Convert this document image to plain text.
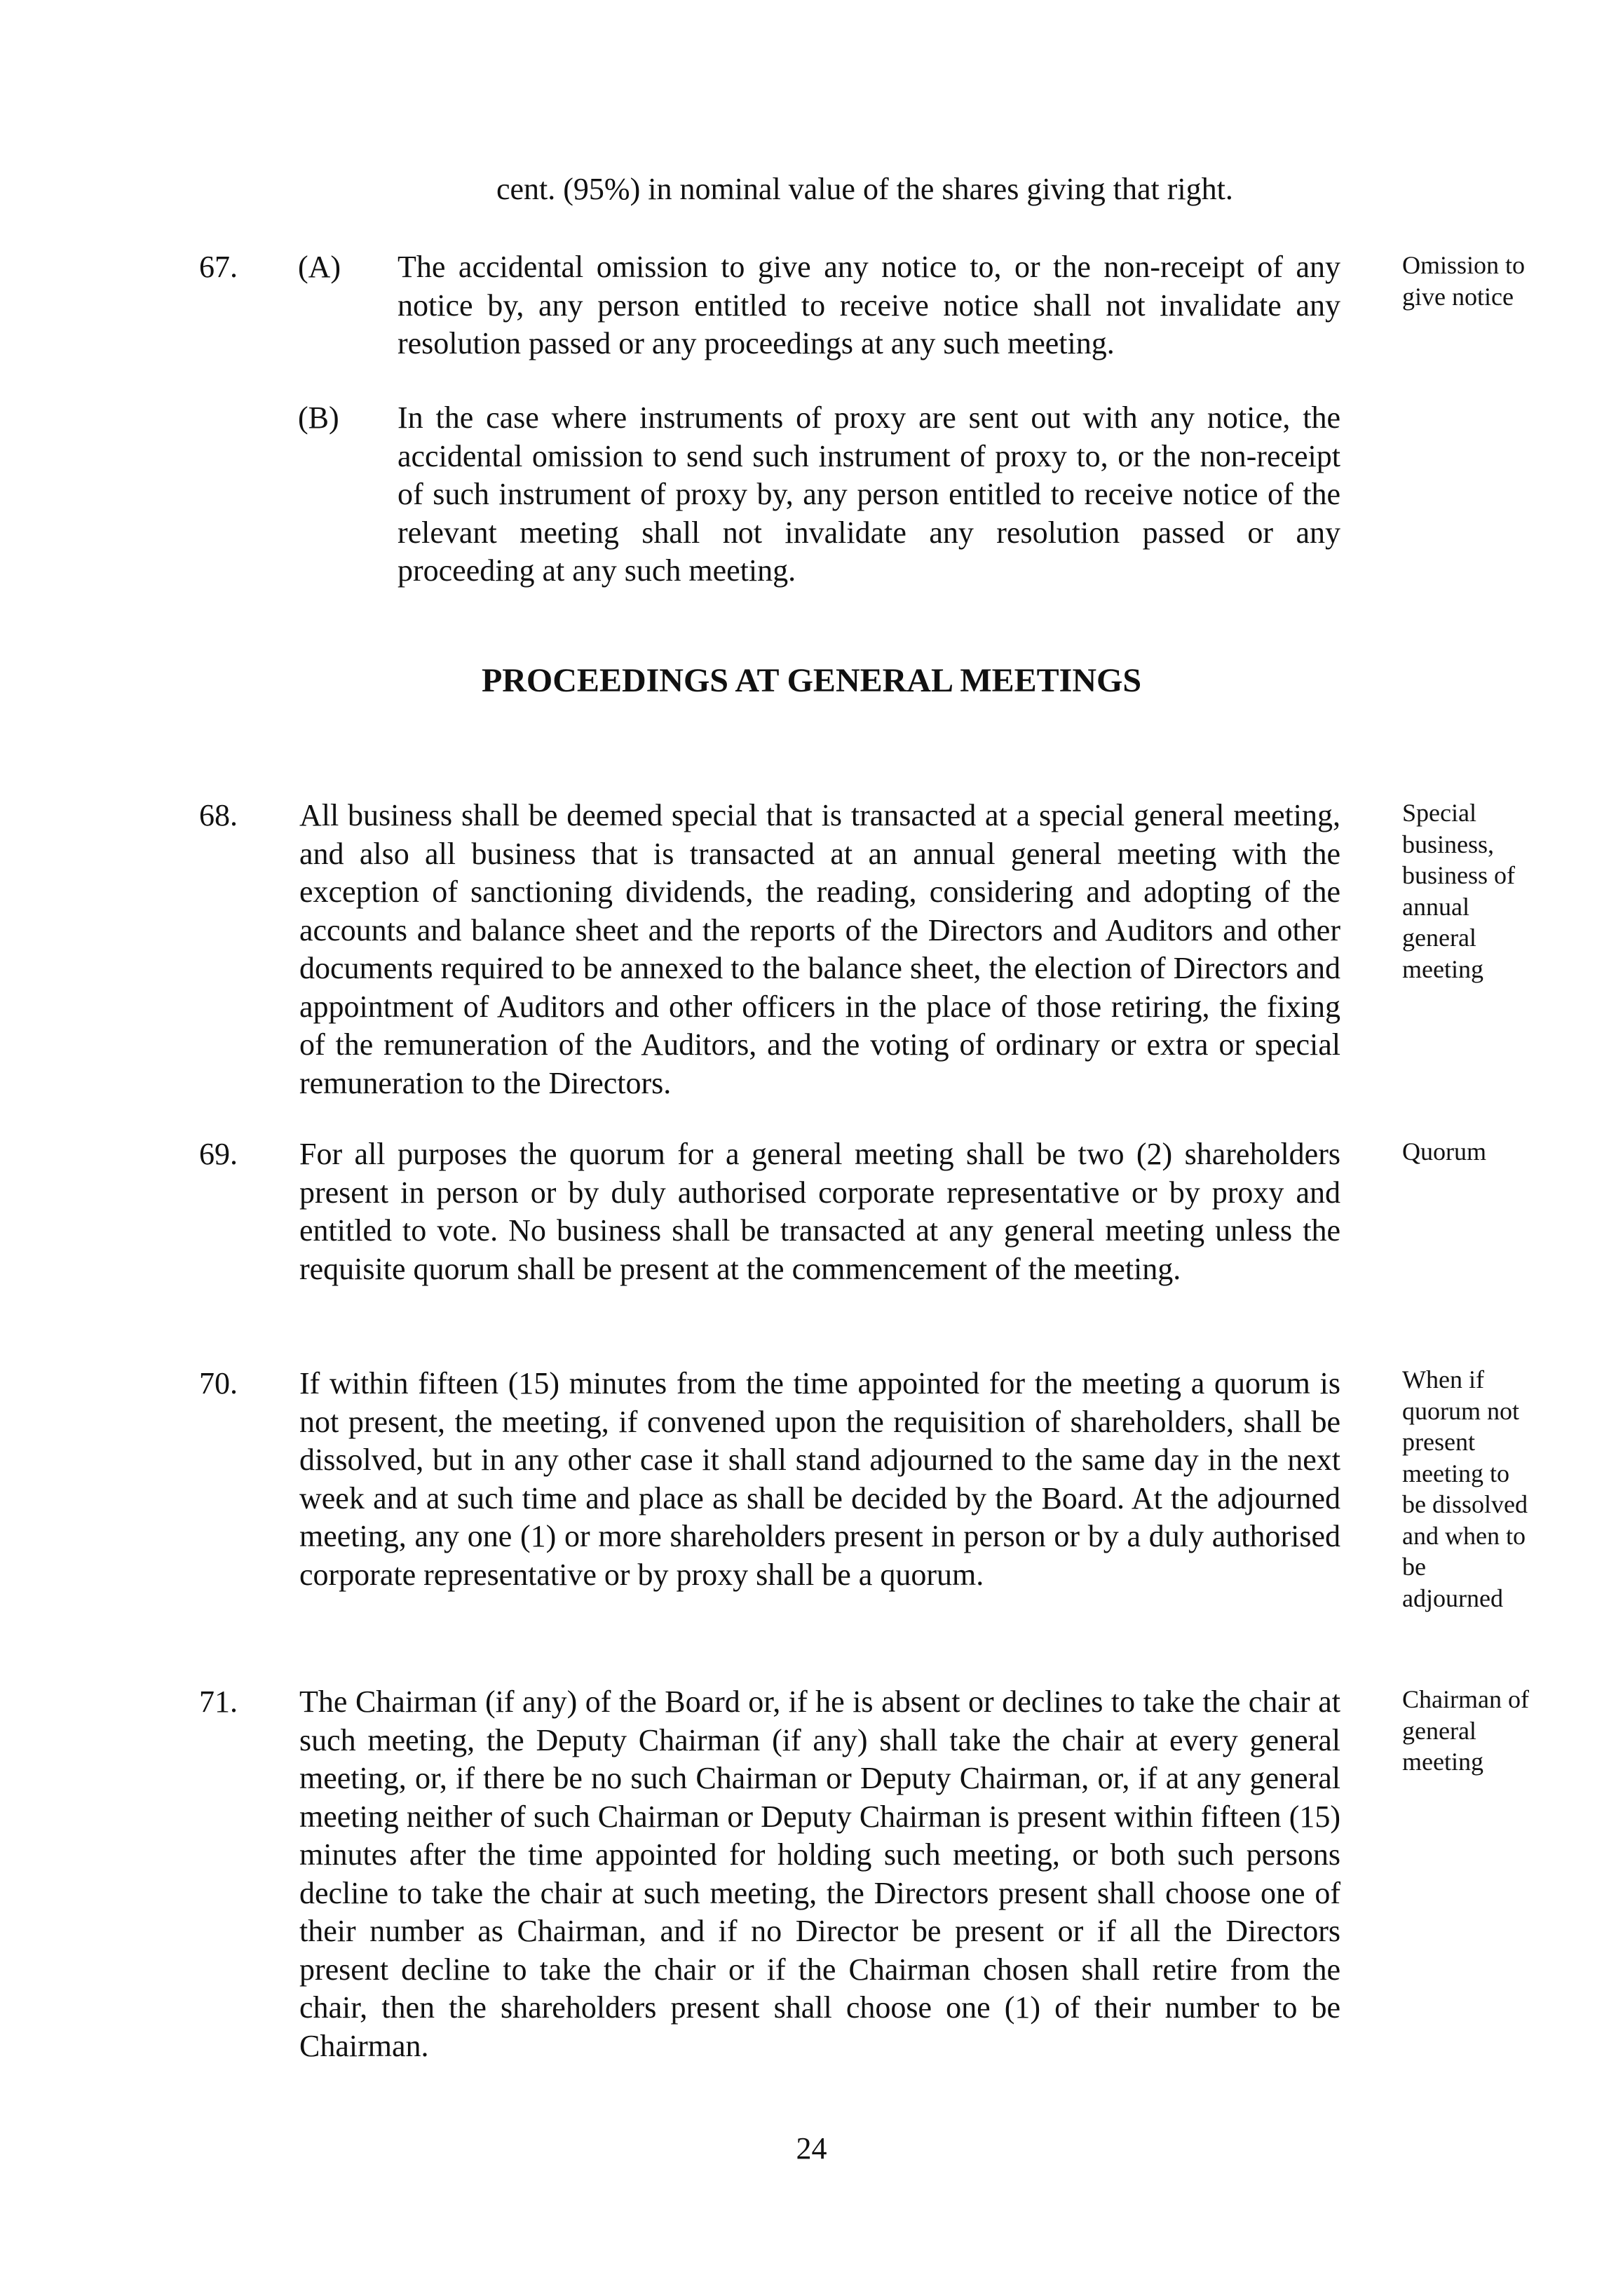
cent. (95%) in nominal value of the shares giving that right.
67. (A) The accidental omission to give any notice to, or the non-receipt of any notice by, any person entitled to receive notice shall not invalidate any resolution passed or any proceedings at any such meeting.
Omission to give notice
(B) In the case where instruments of proxy are sent out with any notice, the accidental omission to send such instrument of proxy to, or the non-receipt of such instrument of proxy by, any person entitled to receive notice of the relevant meeting shall not invalidate any resolution passed or any proceeding at any such meeting.
PROCEEDINGS AT GENERAL MEETINGS
68. All business shall be deemed special that is transacted at a special general meeting, and also all business that is transacted at an annual general meeting with the exception of sanctioning dividends, the reading, considering and adopting of the accounts and balance sheet and the reports of the Directors and Auditors and other documents required to be annexed to the balance sheet, the election of Directors and appointment of Auditors and other officers in the place of those retiring, the fixing of the remuneration of the Auditors, and the voting of ordinary or extra or special remuneration to the Directors.
Special business, business of annual general meeting
69. For all purposes the quorum for a general meeting shall be two (2) shareholders present in person or by duly authorised corporate representative or by proxy and entitled to vote. No business shall be transacted at any general meeting unless the requisite quorum shall be present at the commencement of the meeting.
Quorum
70. If within fifteen (15) minutes from the time appointed for the meeting a quorum is not present, the meeting, if convened upon the requisition of shareholders, shall be dissolved, but in any other case it shall stand adjourned to the same day in the next week and at such time and place as shall be decided by the Board. At the adjourned meeting, any one (1) or more shareholders present in person or by a duly authorised corporate representative or by proxy shall be a quorum.
When if quorum not present meeting to be dissolved and when to be adjourned
71. The Chairman (if any) of the Board or, if he is absent or declines to take the chair at such meeting, the Deputy Chairman (if any) shall take the chair at every general meeting, or, if there be no such Chairman or Deputy Chairman, or, if at any general meeting neither of such Chairman or Deputy Chairman is present within fifteen (15) minutes after the time appointed for holding such meeting, or both such persons decline to take the chair at such meeting, the Directors present shall choose one of their number as Chairman, and if no Director be present or if all the Directors present decline to take the chair or if the Chairman chosen shall retire from the chair, then the shareholders present shall choose one (1) of their number to be Chairman.
Chairman of general meeting
24
